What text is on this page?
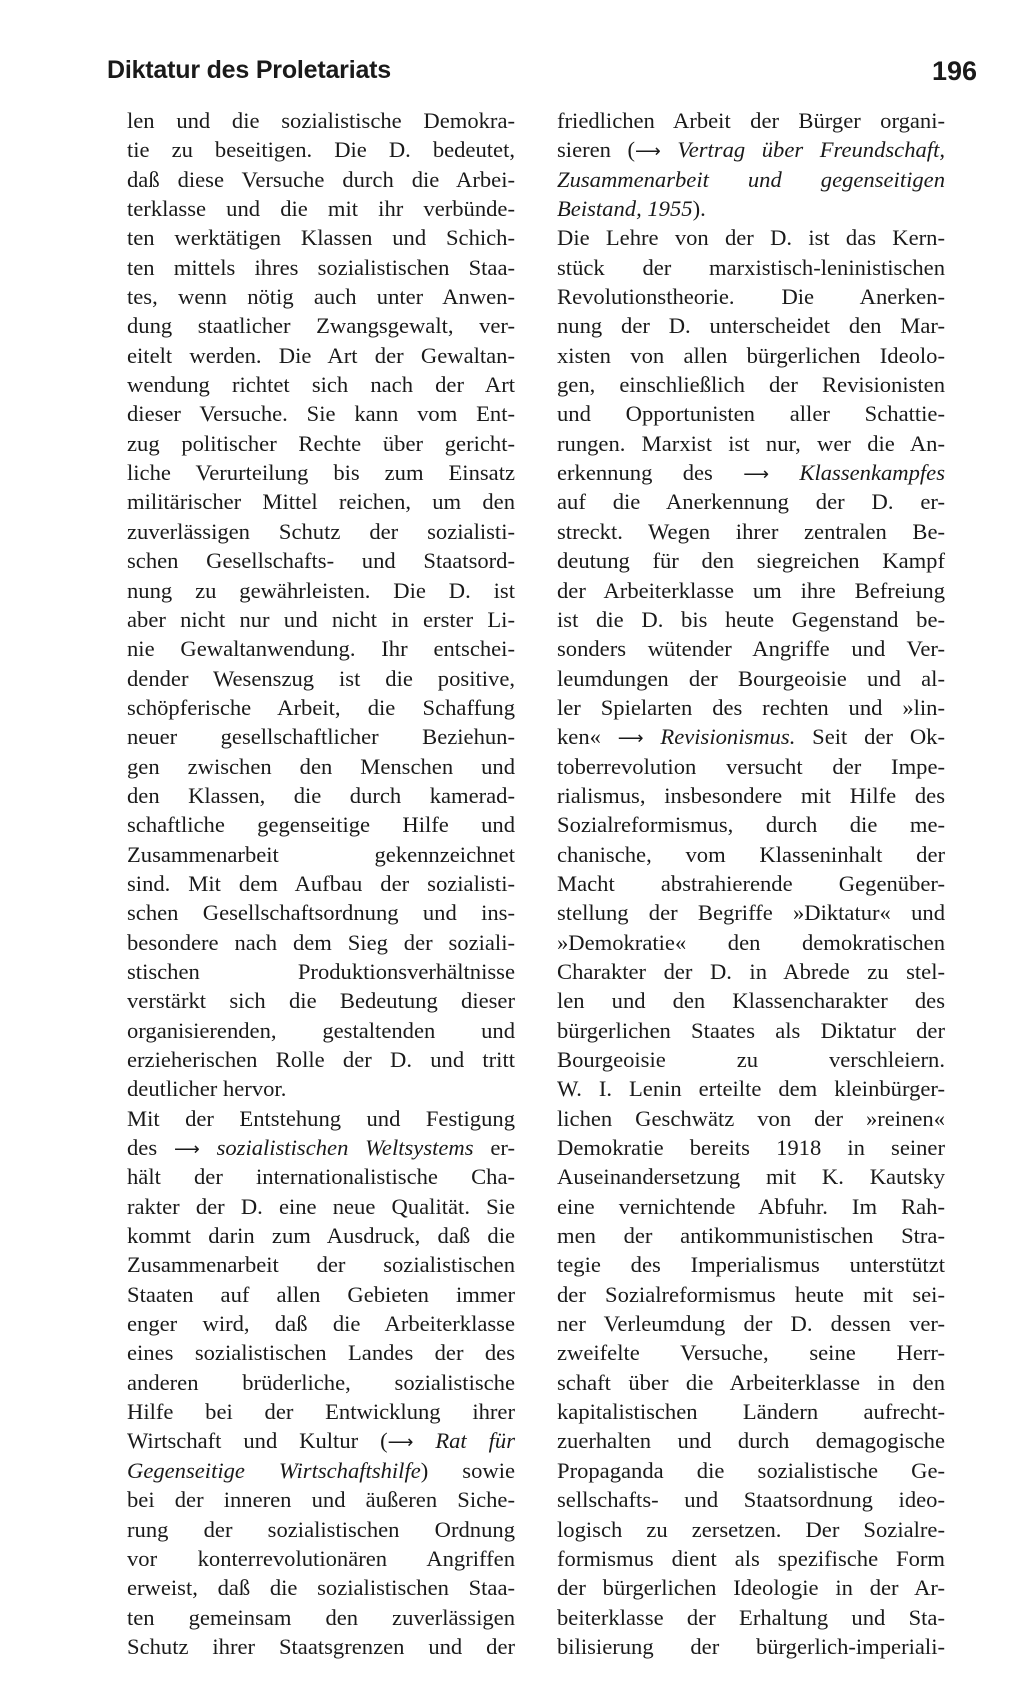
Diktatur des Proletariats	196
len und die sozialistische Demokra-
tie zu beseitigen. Die D. bedeutet,
daß diese Versuche durch die Arbei-
terklasse und die mit ihr verbünde-
ten werktätigen Klassen und Schich-
ten mittels ihres sozialistischen Staa-
tes, wenn nötig auch unter Anwen-
dung staatlicher Zwangsgewalt, ver-
eitelt werden. Die Art der Gewaltan-
wendung richtet sich nach der Art
dieser Versuche. Sie kann vom Ent-
zug politischer Rechte über gericht-
liche Verurteilung bis zum Einsatz
militärischer Mittel reichen, um den
zuverlässigen Schutz der sozialisti-
schen Gesellschafts- und Staatsord-
nung zu gewährleisten. Die D. ist
aber nicht nur und nicht in erster Li-
nie Gewaltanwendung. Ihr entschei-
dender Wesenszug ist die positive,
schöpferische Arbeit, die Schaffung
neuer gesellschaftlicher Beziehun-
gen zwischen den Menschen und
den Klassen, die durch kamerad-
schaftliche gegenseitige Hilfe und
Zusammenarbeit gekennzeichnet
sind. Mit dem Aufbau der sozialisti-
schen Gesellschaftsordnung und ins-
besondere nach dem Sieg der soziali-
stischen Produktionsverhältnisse
verstärkt sich die Bedeutung dieser
organisierenden, gestaltenden und
erzieherischen Rolle der D. und tritt
deutlicher hervor.
Mit der Entstehung und Festigung
des ⟶ sozialistischen Weltsystems er-
hält der internationalistische Cha-
rakter der D. eine neue Qualität. Sie
kommt darin zum Ausdruck, daß die
Zusammenarbeit der sozialistischen
Staaten auf allen Gebieten immer
enger wird, daß die Arbeiterklasse
eines sozialistischen Landes der des
anderen brüderliche, sozialistische
Hilfe bei der Entwicklung ihrer
Wirtschaft und Kultur (⟶ Rat für
Gegenseitige Wirtschaftshilfe) sowie
bei der inneren und äußeren Siche-
rung der sozialistischen Ordnung
vor konterrevolutionären Angriffen
erweist, daß die sozialistischen Staa-
ten gemeinsam den zuverlässigen
Schutz ihrer Staatsgrenzen und der
friedlichen Arbeit der Bürger organi-
sieren (⟶ Vertrag über Freundschaft,
Zusammenarbeit und gegenseitigen
Beistand, 1955).
Die Lehre von der D. ist das Kern-
stück der marxistisch-leninistischen
Revolutionstheorie. Die Anerken-
nung der D. unterscheidet den Mar-
xisten von allen bürgerlichen Ideolo-
gen, einschließlich der Revisionisten
und Opportunisten aller Schattie-
rungen. Marxist ist nur, wer die An-
erkennung des ⟶ Klassenkampfes
auf die Anerkennung der D. er-
streckt. Wegen ihrer zentralen Be-
deutung für den siegreichen Kampf
der Arbeiterklasse um ihre Befreiung
ist die D. bis heute Gegenstand be-
sonders wütender Angriffe und Ver-
leumdungen der Bourgeoisie und al-
ler Spielarten des rechten und »lin-
ken« ⟶ Revisionismus. Seit der Ok-
toberrevolution versucht der Impe-
rialismus, insbesondere mit Hilfe des
Sozialreformismus, durch die me-
chanische, vom Klasseninhalt der
Macht abstrahierende Gegenüber-
stellung der Begriffe »Diktatur« und
»Demokratie« den demokratischen
Charakter der D. in Abrede zu stel-
len und den Klassencharakter des
bürgerlichen Staates als Diktatur der
Bourgeoisie zu verschleiern.
W. I. Lenin erteilte dem kleinbürger-
lichen Geschwätz von der »reinen«
Demokratie bereits 1918 in seiner
Auseinandersetzung mit K. Kautsky
eine vernichtende Abfuhr. Im Rah-
men der antikommunistischen Stra-
tegie des Imperialismus unterstützt
der Sozialreformismus heute mit sei-
ner Verleumdung der D. dessen ver-
zweifelte Versuche, seine Herr-
schaft über die Arbeiterklasse in den
kapitalistischen Ländern aufrecht-
zuerhalten und durch demagogische
Propaganda die sozialistische Ge-
sellschafts- und Staatsordnung ideo-
logisch zu zersetzen. Der Sozialre-
formismus dient als spezifische Form
der bürgerlichen Ideologie in der Ar-
beiterklasse der Erhaltung und Sta-
bilisierung der bürgerlich-imperiali-
